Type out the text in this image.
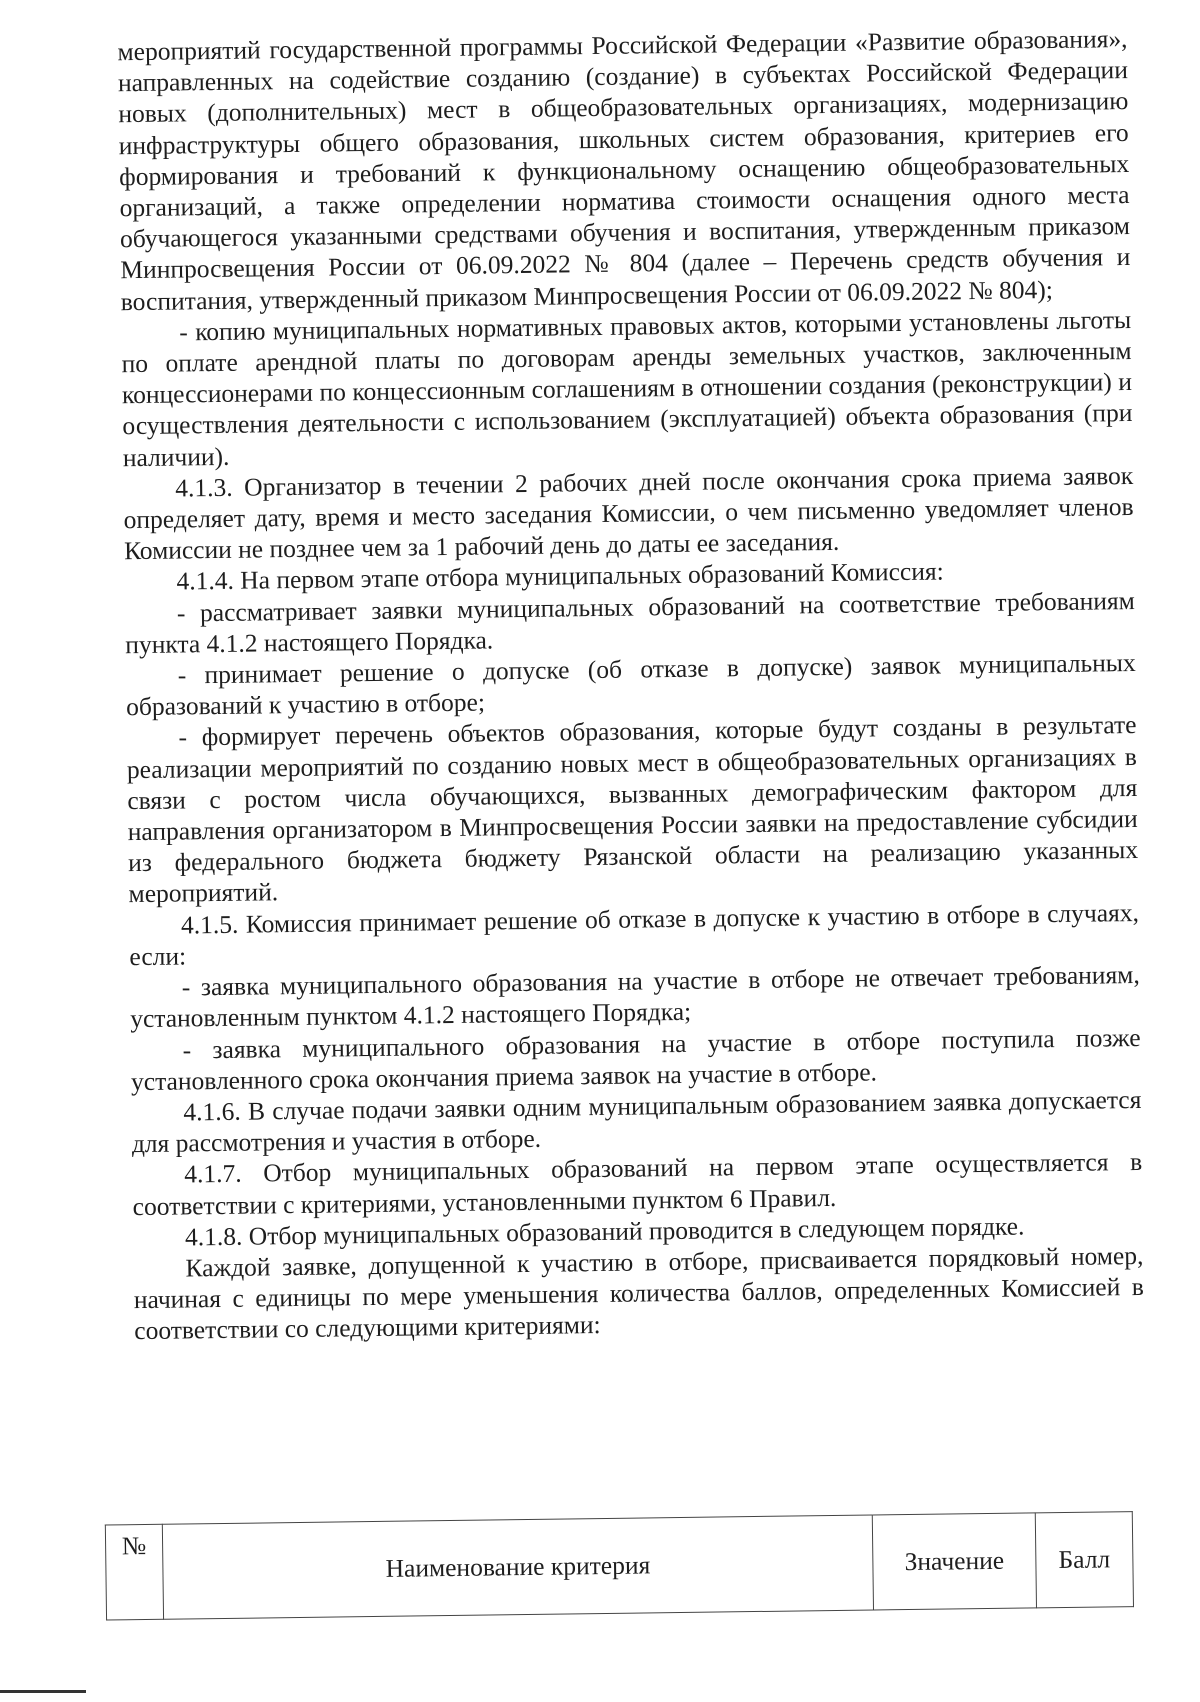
мероприятий государственной программы Российской Федерации «Развитие образования», направленных на содействие созданию (создание) в субъектах Российской Федерации новых (дополнительных) мест в общеобразовательных организациях, модернизацию инфраструктуры общего образования, школьных систем образования, критериев его формирования и требований к функциональному оснащению общеобразовательных организаций, а также определении норматива стоимости оснащения одного места обучающегося указанными средствами обучения и воспитания, утвержденным приказом Минпросвещения России от 06.09.2022 № 804 (далее – Перечень средств обучения и воспитания, утвержденный приказом Минпросвещения России от 06.09.2022 № 804);

- копию муниципальных нормативных правовых актов, которыми установлены льготы по оплате арендной платы по договорам аренды земельных участков, заключенным концессионерами по концессионным соглашениям в отношении создания (реконструкции) и осуществления деятельности с использованием (эксплуатацией) объекта образования (при наличии).

4.1.3. Организатор в течении 2 рабочих дней после окончания срока приема заявок определяет дату, время и место заседания Комиссии, о чем письменно уведомляет членов Комиссии не позднее чем за 1 рабочий день до даты ее заседания.

4.1.4. На первом этапе отбора муниципальных образований Комиссия:

- рассматривает заявки муниципальных образований на соответствие требованиям пункта 4.1.2 настоящего Порядка.

- принимает решение о допуске (об отказе в допуске) заявок муниципальных образований к участию в отборе;

- формирует перечень объектов образования, которые будут созданы в результате реализации мероприятий по созданию новых мест в общеобразовательных организациях в связи с ростом числа обучающихся, вызванных демографическим фактором для направления организатором в Минпросвещения России заявки на предоставление субсидии из федерального бюджета бюджету Рязанской области на реализацию указанных мероприятий.

4.1.5. Комиссия принимает решение об отказе в допуске к участию в отборе в случаях, если:

- заявка муниципального образования на участие в отборе не отвечает требованиям, установленным пунктом 4.1.2 настоящего Порядка;

- заявка муниципального образования на участие в отборе поступила позже установленного срока окончания приема заявок на участие в отборе.

4.1.6. В случае подачи заявки одним муниципальным образованием заявка допускается для рассмотрения и участия в отборе.

4.1.7. Отбор муниципальных образований на первом этапе осуществляется в соответствии с критериями, установленными пунктом 6 Правил.

4.1.8. Отбор муниципальных образований проводится в следующем порядке.

Каждой заявке, допущенной к участию в отборе, присваивается порядковый номер, начиная с единицы по мере уменьшения количества баллов, определенных Комиссией в соответствии со следующими критериями:

№	Наименование критерия	Значение	Балл
